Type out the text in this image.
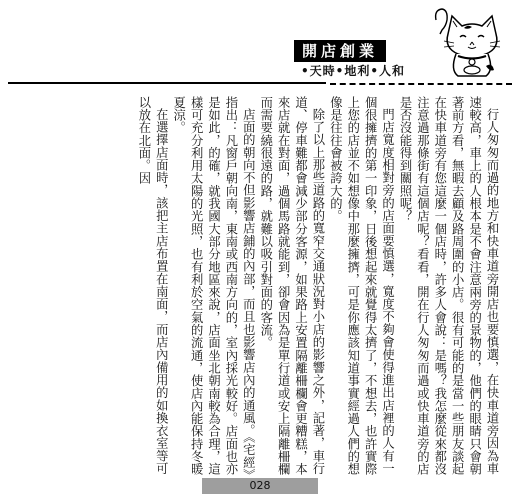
開店創業
•天時•地利•人和

行人匆匆而過的地方和快車道旁開店也要慎選，在快車道旁因為車速較高，車上的人根本是不會注意兩旁的景物的，他們的眼睛只會朝著前方看，無暇去顧及路周圍的小店。很有可能的是當一些朋友談起在快車道旁有您這麼一個店時，許多人會說：是嗎？我怎麼從來都沒注意過那條街有這個店呢？看看，開在行人匆匆而過或快車道旁的店是否沒能得到關照呢？

門店寬度相對旁的店面要慎選，寬度不夠會使得進出店裡的人有一個很擁擠的第一印象，日後想起來就覺得太擠了，不想去，也許實際上您的店並不如想像中那麼擁擠，可是你應該知道事實經過人們的想像是往往會被誇大的。

除了以上那些道路的寬窄交通狀況對小店的影響之外，記著，車行道、停車難都會減少部分客源，如果路上安置隔離柵欄會更糟糕，本來店就在對面，過個馬路就能到，卻會因為是單行道或安上隔離柵欄而需要繞很遠的路，就難以吸引對面的客流。

店面的朝向不但影響店鋪的內部，而且也影響店內的通風。《宅經》指出：凡窗戶朝向南，東南或西南方向的，室內採光較好。店面也亦是如此，的確，就我國大部分地區來說，店面坐北朝南較為合理，這樣可充分利用太陽的光照，也有利於空氣的流通，使店內能保持冬暖夏涼。

在選擇店面時，該把主店布置在南面，而店內備用的如換衣室等可以放在北面。因

028
